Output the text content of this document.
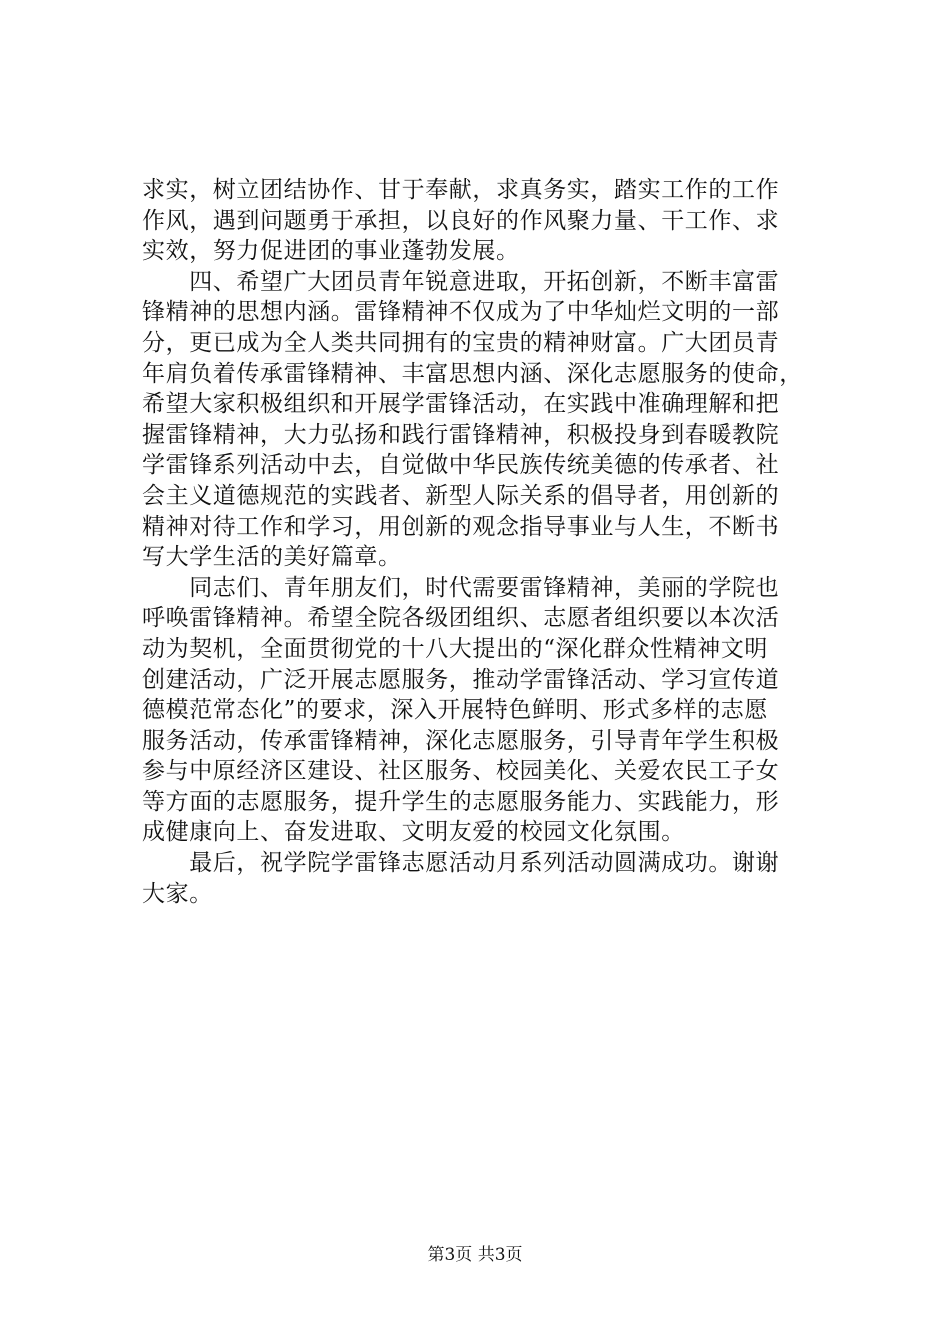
求实，树立团结协作、甘于奉献，求真务实，踏实工作的工作
作风，遇到问题勇于承担，以良好的作风聚力量、干工作、求
实效，努力促进团的事业蓬勃发展。
　　四、希望广大团员青年锐意进取，开拓创新，不断丰富雷
锋精神的思想内涵。雷锋精神不仅成为了中华灿烂文明的一部
分，更已成为全人类共同拥有的宝贵的精神财富。广大团员青
年肩负着传承雷锋精神、丰富思想内涵、深化志愿服务的使命，
希望大家积极组织和开展学雷锋活动，在实践中准确理解和把
握雷锋精神，大力弘扬和践行雷锋精神，积极投身到春暖教院
学雷锋系列活动中去，自觉做中华民族传统美德的传承者、社
会主义道德规范的实践者、新型人际关系的倡导者，用创新的
精神对待工作和学习，用创新的观念指导事业与人生，不断书
写大学生活的美好篇章。
　　同志们、青年朋友们，时代需要雷锋精神，美丽的学院也
呼唤雷锋精神。希望全院各级团组织、志愿者组织要以本次活
动为契机，全面贯彻党的十八大提出的“深化群众性精神文明
创建活动，广泛开展志愿服务，推动学雷锋活动、学习宣传道
德模范常态化”的要求，深入开展特色鲜明、形式多样的志愿
服务活动，传承雷锋精神，深化志愿服务，引导青年学生积极
参与中原经济区建设、社区服务、校园美化、关爱农民工子女
等方面的志愿服务，提升学生的志愿服务能力、实践能力，形
成健康向上、奋发进取、文明友爱的校园文化氛围。
　　最后，祝学院学雷锋志愿活动月系列活动圆满成功。谢谢
大家。
第3页 共3页
